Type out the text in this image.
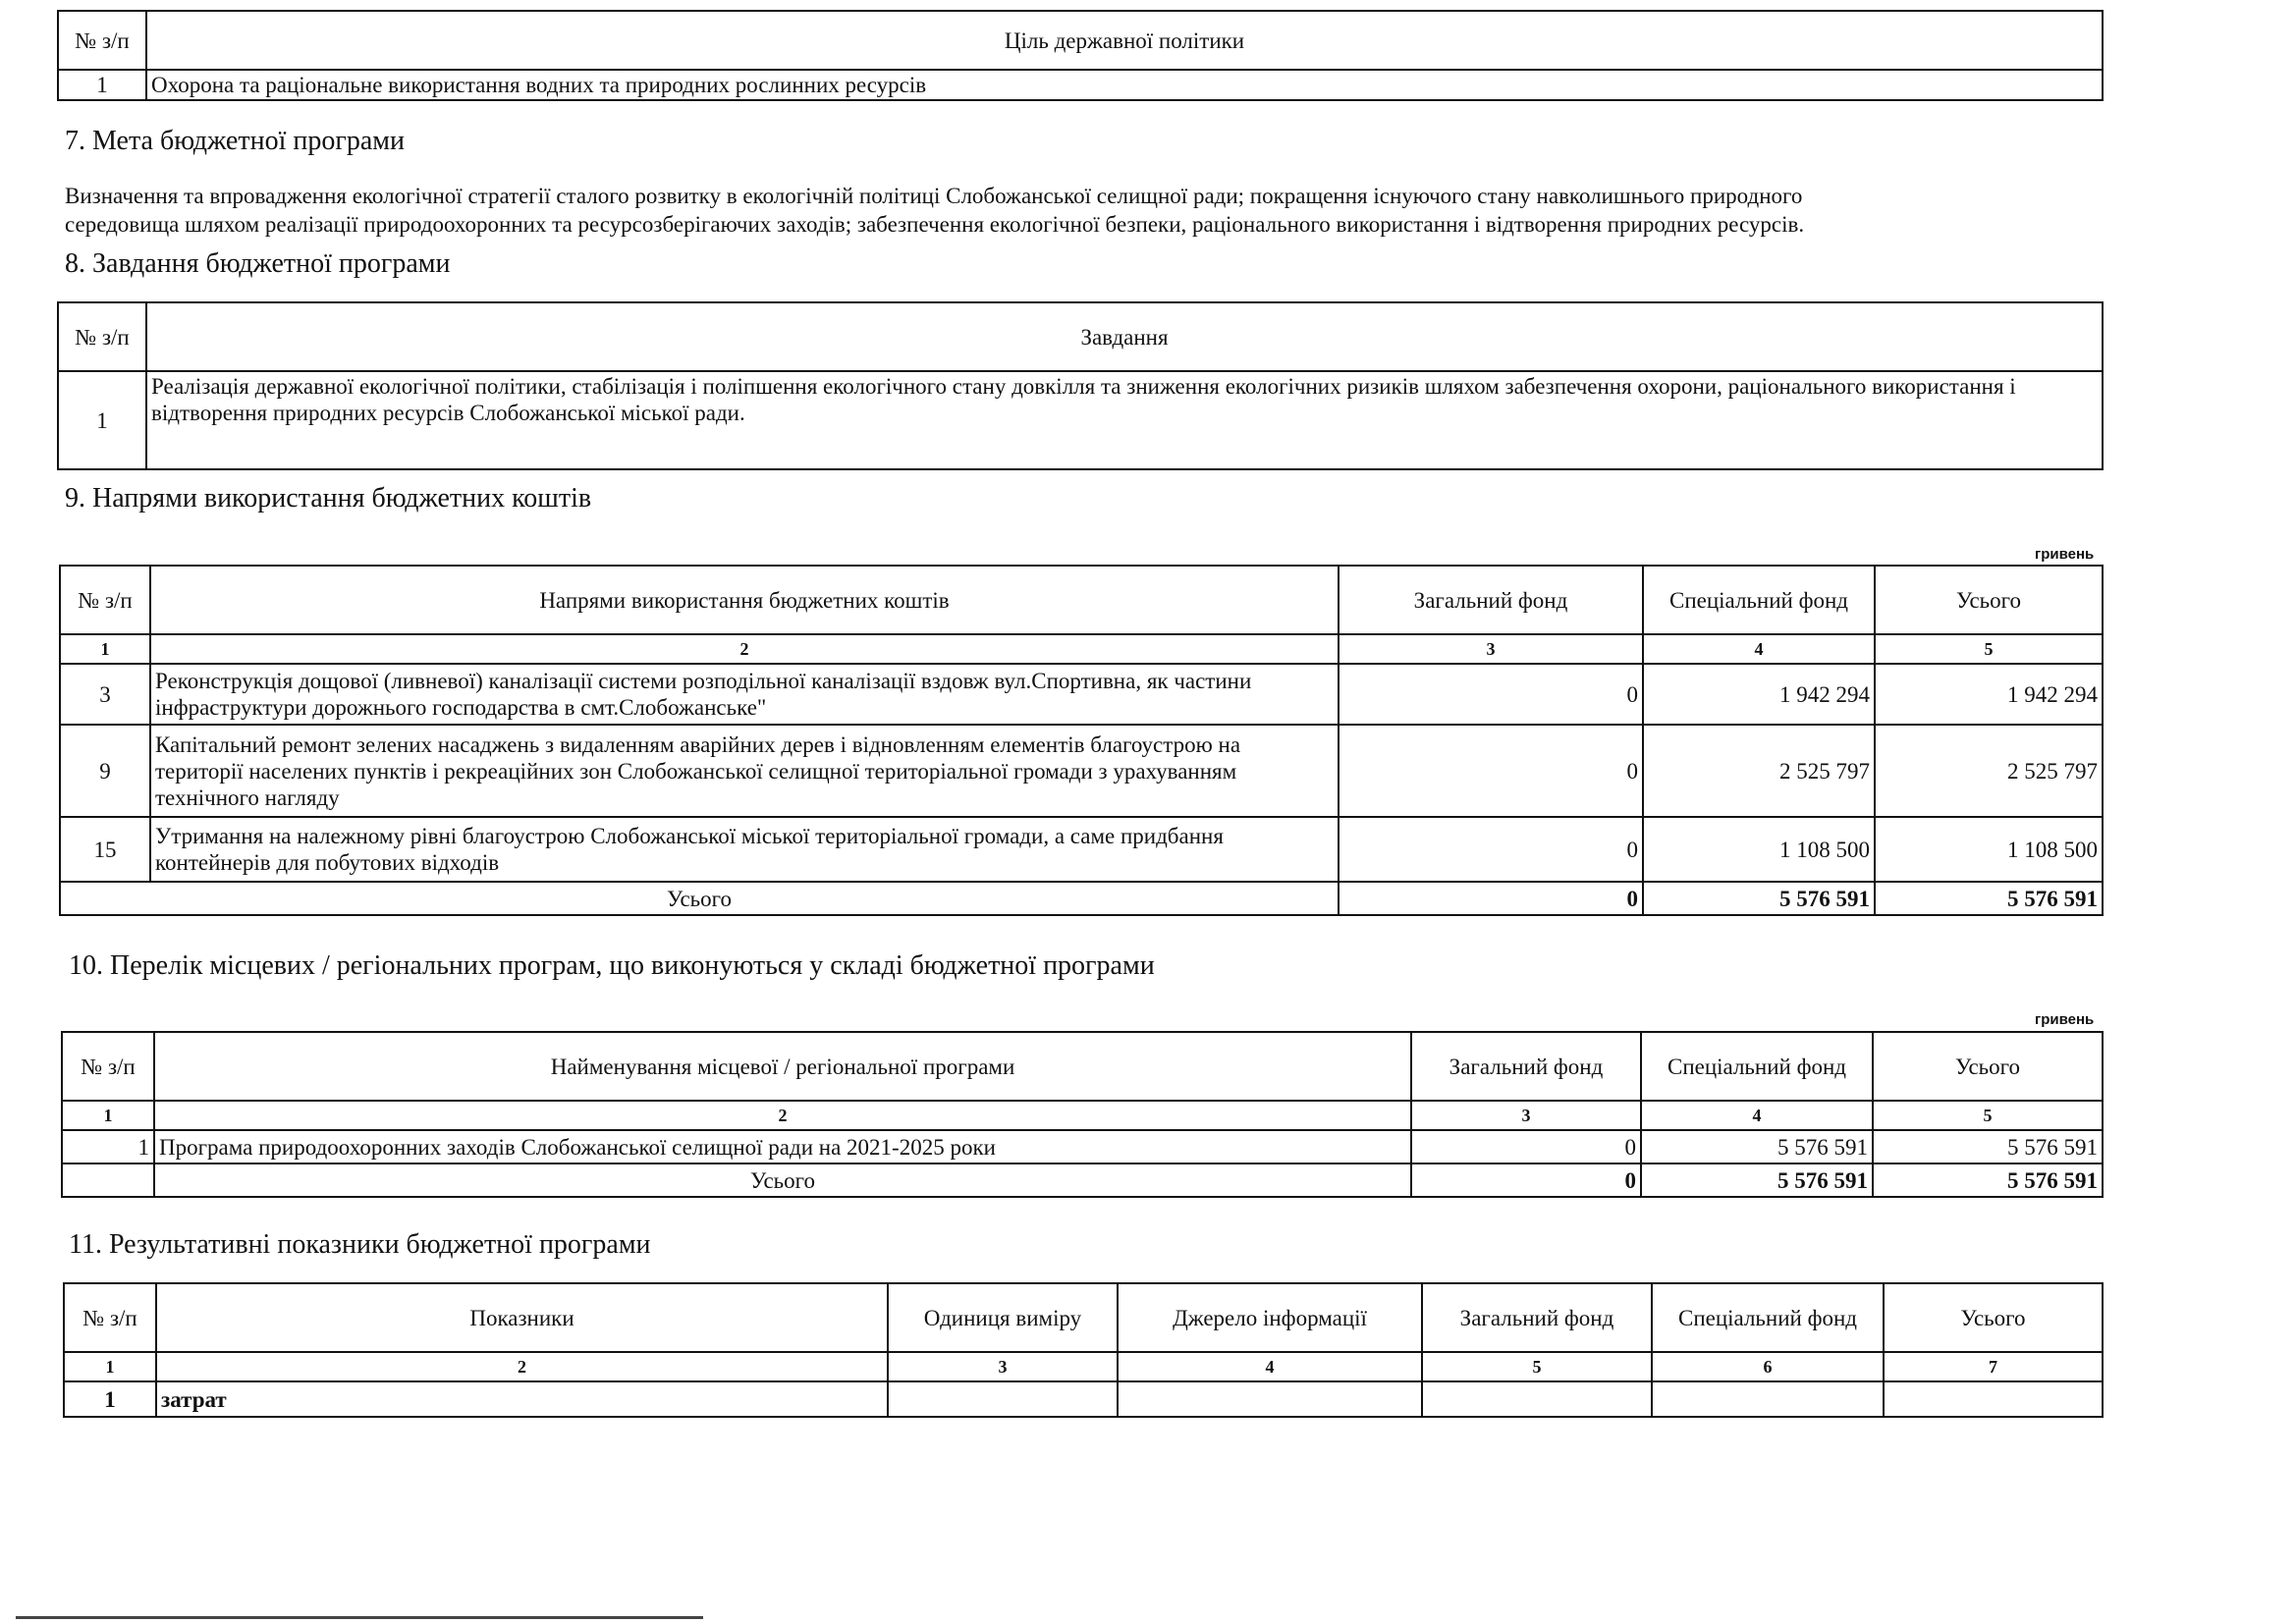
№ з/п	Ціль державної політики
1	Охорона та раціональне використання водних та природних рослинних ресурсів
7. Мета бюджетної програми
Визначення та впровадження екологічної стратегії сталого розвитку в екологічній політиці Слобожанської селищної ради; покращення існуючого стану навколишнього природного
середовища шляхом реалізації природоохоронних та ресурсозберігаючих заходів; забезпечення екологічної безпеки, раціонального використання і відтворення природних ресурсів.
8. Завдання бюджетної програми
№ з/п	Завдання
1	Реалізація державної екологічної політики, стабілізація і поліпшення екологічного стану довкілля та зниження екологічних ризиків шляхом забезпечення охорони, раціонального використання і відтворення природних ресурсів Слобожанської міської ради.
9. Напрями використання бюджетних коштів
гривень
№ з/п	Напрями використання бюджетних коштів	Загальний фонд	Спеціальний фонд	Усього
1	2	3	4	5
3	Реконструкція дощової (ливневої) каналізації системи розподільної каналізації вздовж вул.Спортивна, як частини інфраструктури дорожнього господарства в смт.Слобожанське"	0	1 942 294	1 942 294
9	Капітальний ремонт зелених насаджень з видаленням аварійних дерев і відновленням елементів благоустрою на території населених пунктів і рекреаційних зон Слобожанської селищної територіальної громади з урахуванням технічного нагляду	0	2 525 797	2 525 797
15	Утримання на належному рівні благоустрою Слобожанської міської територіальної громади, а саме придбання контейнерів для побутових відходів	0	1 108 500	1 108 500
Усього		0	5 576 591	5 576 591
10. Перелік місцевих / регіональних програм, що виконуються у складі бюджетної програми
гривень
№ з/п	Найменування місцевої / регіональної програми	Загальний фонд	Спеціальний фонд	Усього
1	2	3	4	5
1	Програма природоохоронних заходів Слобожанської селищної ради на 2021-2025 роки	0	5 576 591	5 576 591
	Усього	0	5 576 591	5 576 591
11. Результативні показники бюджетної програми
№ з/п	Показники	Одиниця виміру	Джерело інформації	Загальний фонд	Спеціальний фонд	Усього
1	2	3	4	5	6	7
1	затрат					
